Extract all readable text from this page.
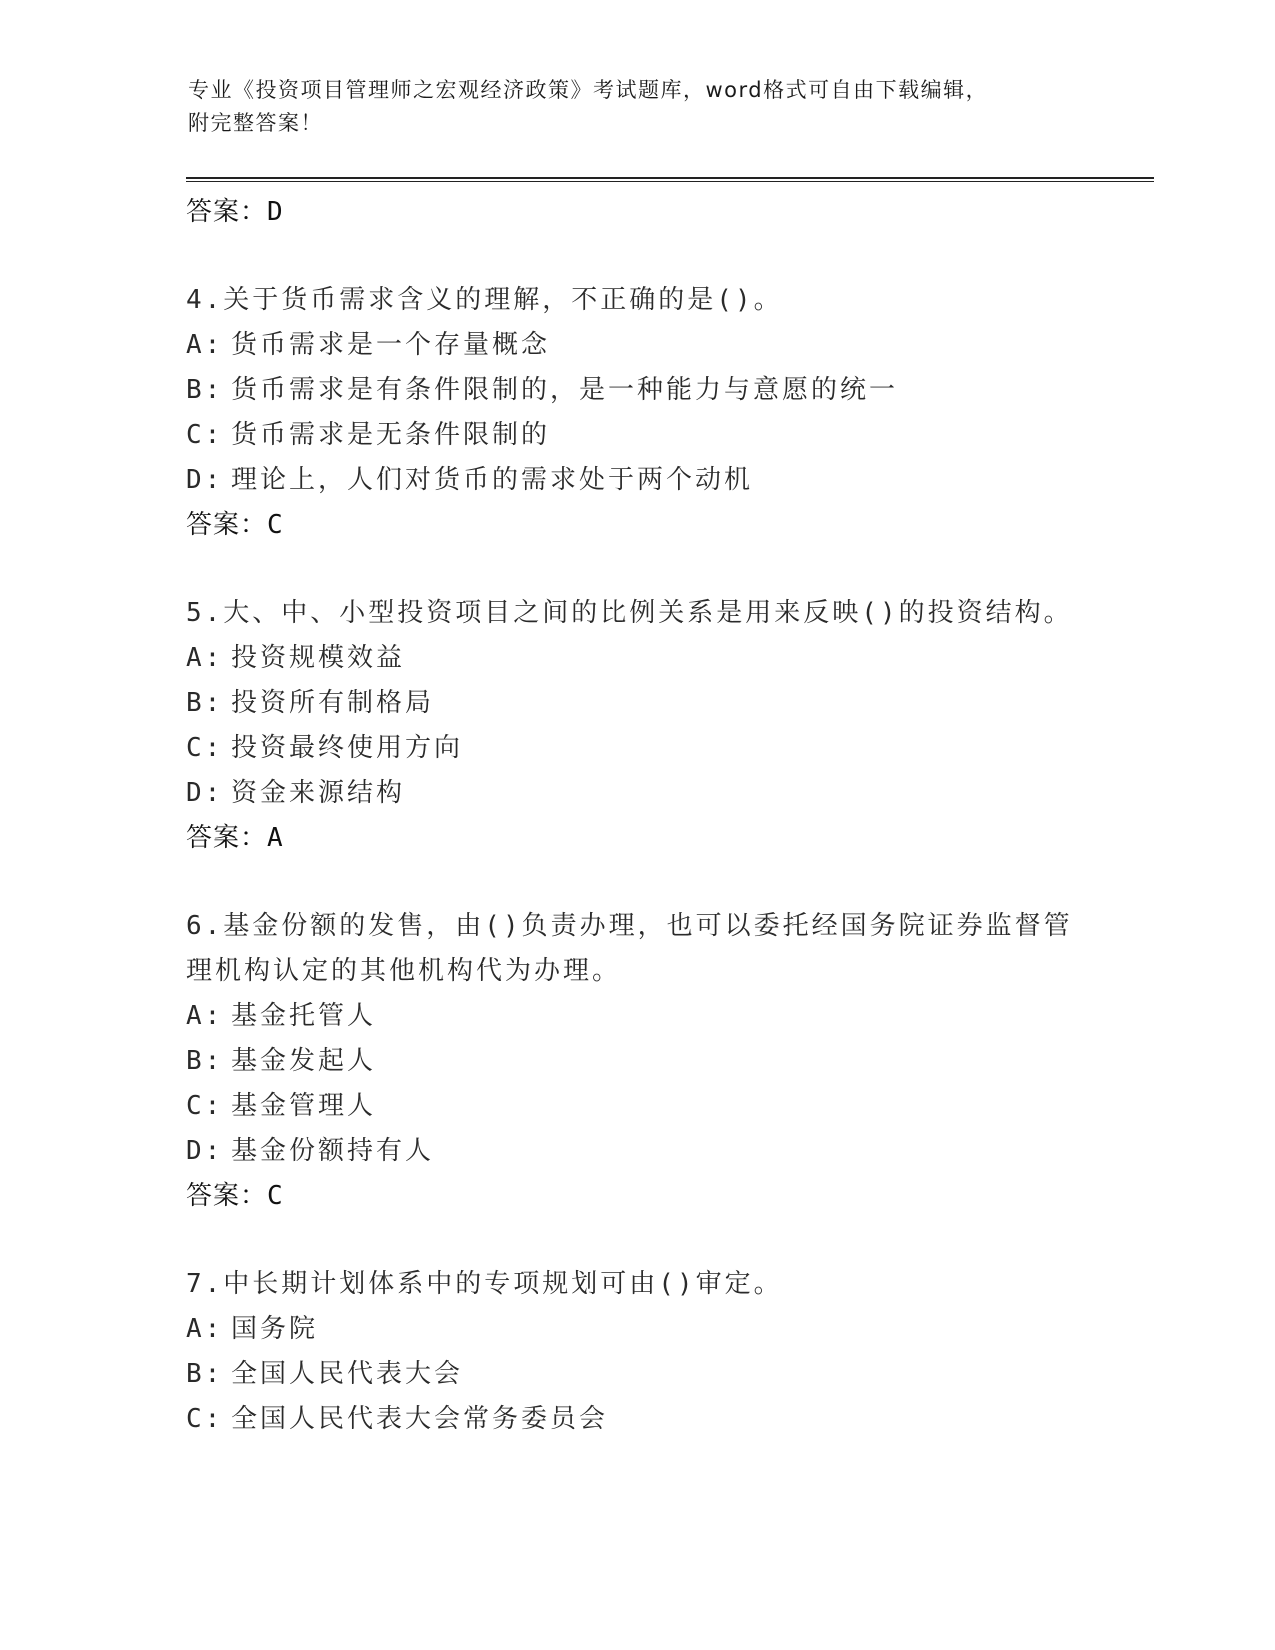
专业《投资项目管理师之宏观经济政策》考试题库，word格式可自由下载编辑，
附完整答案！
答案：D
4.关于货币需求含义的理解，不正确的是()。
A: 货币需求是一个存量概念
B: 货币需求是有条件限制的，是一种能力与意愿的统一
C: 货币需求是无条件限制的
D: 理论上，人们对货币的需求处于两个动机
答案：C
5.大、中、小型投资项目之间的比例关系是用来反映()的投资结构。
A: 投资规模效益
B: 投资所有制格局
C: 投资最终使用方向
D: 资金来源结构
答案：A
6.基金份额的发售，由()负责办理，也可以委托经国务院证券监督管
理机构认定的其他机构代为办理。
A: 基金托管人
B: 基金发起人
C: 基金管理人
D: 基金份额持有人
答案：C
7.中长期计划体系中的专项规划可由()审定。
A: 国务院
B: 全国人民代表大会
C: 全国人民代表大会常务委员会
